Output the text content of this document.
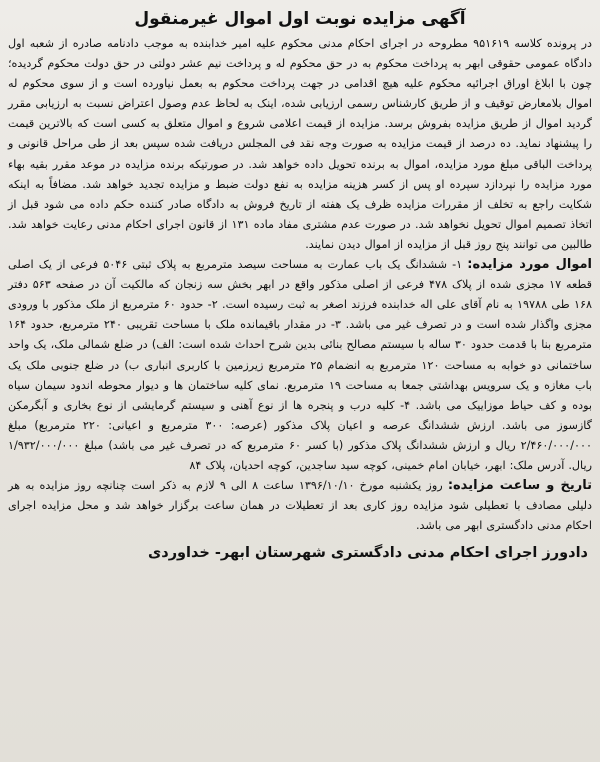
آگهی مزایده نوبت اول اموال غیرمنقول

در پرونده کلاسه ۹۵۱۶۱۹ مطروحه در اجرای احکام مدنی محکوم علیه امیر خدابنده به موجب دادنامه صادره از شعبه اول دادگاه عمومی حقوقی ابهر به پرداخت محکوم به در حق محکوم له و پرداخت نیم عشر دولتی در حق دولت محکوم گردیده؛ چون با ابلاغ اوراق اجرائیه محکوم علیه هیچ اقدامی در جهت پرداخت محکوم به بعمل نیاورده است و از سوی محکوم له اموال بلامعارض توقیف و از طریق کارشناس رسمی ارزیابی شده، اینک به لحاظ عدم وصول اعتراض نسبت به ارزیابی مقرر گردید اموال از طریق مزایده بفروش برسد. مزایده از قیمت اعلامی شروع و اموال متعلق به کسی است که بالاترین قیمت را پیشنهاد نماید. ده درصد از قیمت مزایده به صورت وجه نقد فی المجلس دریافت شده سپس بعد از طی مراحل قانونی و پرداخت الباقی مبلغ مورد مزایده، اموال به برنده تحویل داده خواهد شد. در صورتیکه برنده مزایده در موعد مقرر بقیه بهاء مورد مزایده را نپردازد سپرده او پس از کسر هزینه مزایده به نفع دولت ضبط و مزایده تجدید خواهد شد. مضافاً به اینکه شکایت راجع به تخلف از مقررات مزایده ظرف یک هفته از تاریخ فروش به دادگاه صادر کننده حکم داده می شود قبل از اتخاذ تصمیم اموال تحویل نخواهد شد. در صورت عدم مشتری مفاد ماده ۱۳۱ از قانون اجرای احکام مدنی رعایت خواهد شد. طالبین می توانند پنج روز قبل از مزایده از اموال دیدن نمایند.

اموال مورد مزایده: ۱- ششدانگ یک باب عمارت به مساحت سیصد مترمربع به پلاک ثبتی ۵۰۴۶ فرعی از یک اصلی قطعه ۱۷ مجزی شده از پلاک ۴۷۸ فرعی از اصلی مذکور واقع در ابهر بخش سه زنجان که مالکیت آن در صفحه ۵۶۳ دفتر ۱۶۸ طی ۱۹۷۸۸ به نام آقای علی اله خدابنده فرزند اصغر به ثبت رسیده است. ۲- حدود ۶۰ مترمربع از ملک مذکور با ورودی مجزی واگذار شده است و در تصرف غیر می باشد. ۳- در مقدار باقیمانده ملک با مساحت تقریبی ۲۴۰ مترمربع، حدود ۱۶۴ مترمربع بنا با قدمت حدود ۳۰ ساله با سیستم مصالح بنائی بدین شرح احداث شده است: الف) در ضلع شمالی ملک، یک واحد ساختمانی دو خوابه به مساحت ۱۲۰ مترمربع به انضمام ۲۵ مترمربع زیرزمین با کاربری انباری ب) در ضلع جنوبی ملک یک باب مغازه و یک سرویس بهداشتی جمعا به مساحت ۱۹ مترمربع. نمای کلیه ساختمان ها و دیوار محوطه اندود سیمان سیاه بوده و کف حیاط موزاییک می باشد. ۴- کلیه درب و پنجره ها از نوع آهنی و سیستم گرمایشی از نوع بخاری و آبگرمکن گازسوز می باشد. ارزش ششدانگ عرصه و اعیان پلاک مذکور (عرصه: ۳۰۰ مترمربع و اعیانی: ۲۲۰ مترمربع) مبلغ ۲/۴۶۰/۰۰۰/۰۰۰ ریال و ارزش ششدانگ پلاک مذکور (با کسر ۶۰ مترمربع که در تصرف غیر می باشد) مبلغ ۱/۹۳۲/۰۰۰/۰۰۰ ریال. آدرس ملک: ابهر، خیابان امام خمینی، کوچه سید ساجدین، کوچه احدیان، پلاک ۸۴

تاریخ و ساعت مزایده: روز یکشنبه مورخ ۱۳۹۶/۱۰/۱۰ ساعت ۸ الی ۹ لازم به ذکر است چنانچه روز مزایده به هر دلیلی مصادف با تعطیلی شود مزایده روز کاری بعد از تعطیلات در همان ساعت برگزار خواهد شد و محل مزایده اجرای احکام مدنی دادگستری ابهر می باشد.

دادورز اجرای احکام مدنی دادگستری شهرستان ابهر- خداوردی
